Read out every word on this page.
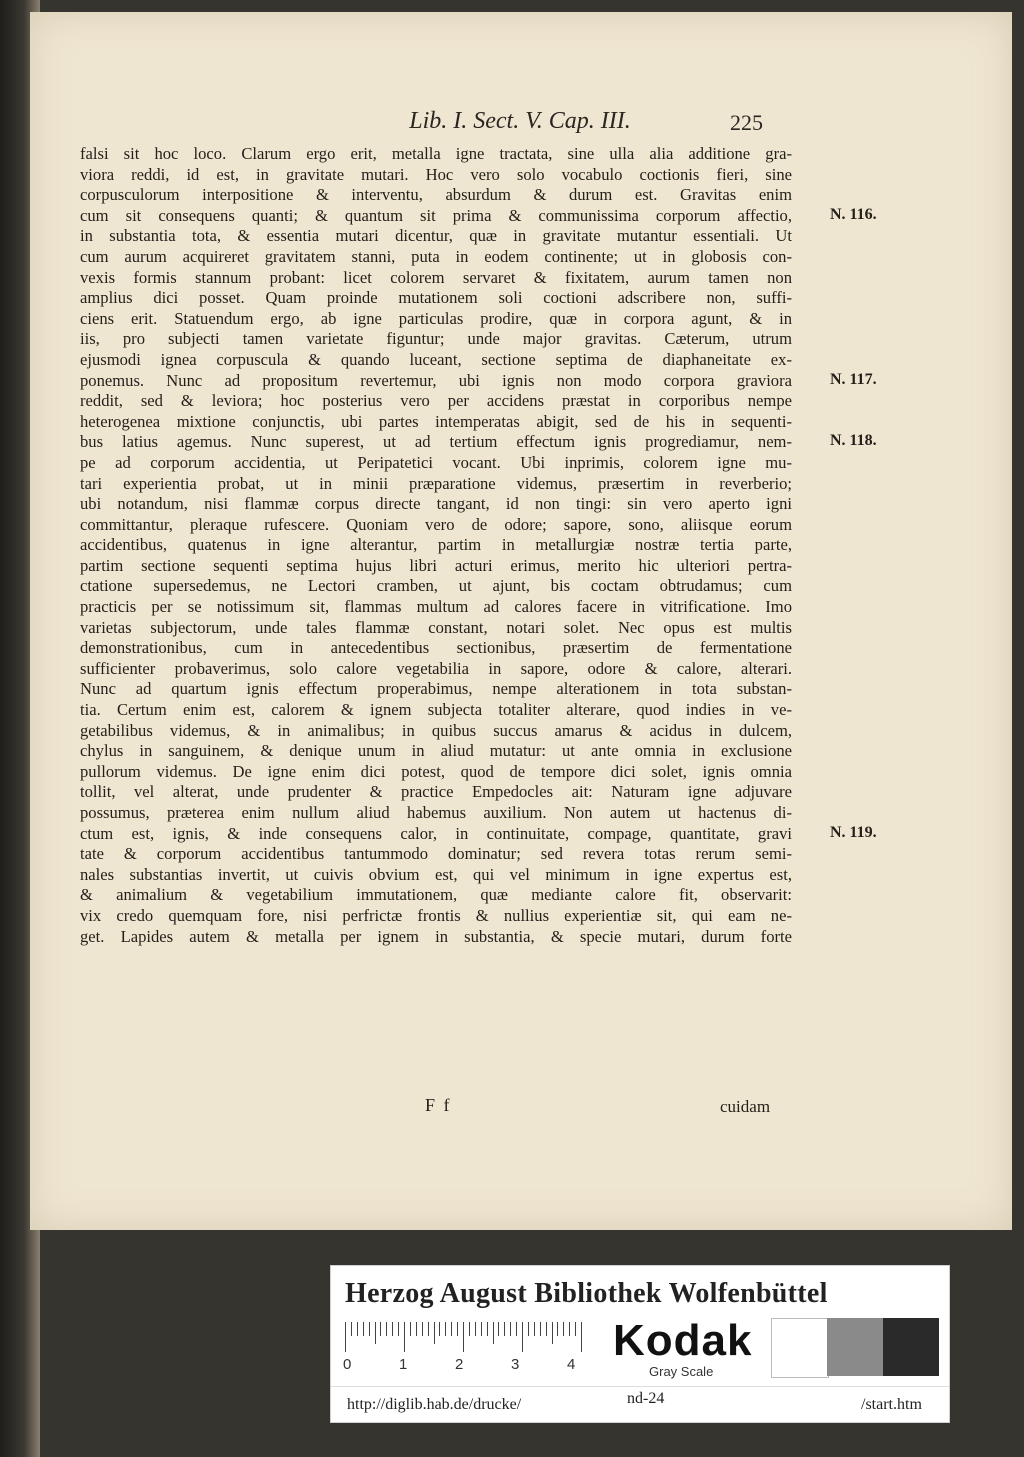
Lib. I. Sect. V. Cap. III.	225
N. 116.
N. 117.
N. 118.
N. 119.
falsi sit hoc loco. Clarum ergo erit, metalla igne tractata, sine ulla alia additione gra-
viora reddi, id est, in gravitate mutari. Hoc vero solo vocabulo coctionis fieri, sine
corpusculorum interpositione & interventu, absurdum & durum est. Gravitas enim
cum sit consequens quanti; & quantum sit prima & communissima corporum affectio,
in substantia tota, & essentia mutari dicentur, quæ in gravitate mutantur essentiali. Ut
cum aurum acquireret gravitatem stanni, puta in eodem continente; ut in globosis con-
vexis formis stannum probant: licet colorem servaret & fixitatem, aurum tamen non
amplius dici posset. Quam proinde mutationem soli coctioni adscribere non, suffi-
ciens erit. Statuendum ergo, ab igne particulas prodire, quæ in corpora agunt, & in
iis, pro subjecti tamen varietate figuntur; unde major gravitas. Cæterum, utrum
ejusmodi ignea corpuscula & quando luceant, sectione septima de diaphaneitate ex-
ponemus. Nunc ad propositum revertemur, ubi ignis non modo corpora graviora
reddit, sed & leviora; hoc posterius vero per accidens præstat in corporibus nempe
heterogenea mixtione conjunctis, ubi partes intemperatas abigit, sed de his in sequenti-
bus latius agemus. Nunc superest, ut ad tertium effectum ignis progrediamur, nem-
pe ad corporum accidentia, ut Peripatetici vocant. Ubi inprimis, colorem igne mu-
tari experientia probat, ut in minii præparatione videmus, præsertim in reverberio;
ubi notandum, nisi flammæ corpus directe tangant, id non tingi: sin vero aperto igni
committantur, pleraque rufescere. Quoniam vero de odore; sapore, sono, aliisque eorum
accidentibus, quatenus in igne alterantur, partim in metallurgiæ nostræ tertia parte,
partim sectione sequenti septima hujus libri acturi erimus, merito hic ulteriori pertra-
ctatione supersedemus, ne Lectori cramben, ut ajunt, bis coctam obtrudamus; cum
practicis per se notissimum sit, flammas multum ad calores facere in vitrificatione. Imo
varietas subjectorum, unde tales flammæ constant, notari solet. Nec opus est multis
demonstrationibus, cum in antecedentibus sectionibus, præsertim de fermentatione
sufficienter probaverimus, solo calore vegetabilia in sapore, odore & calore, alterari.
Nunc ad quartum ignis effectum properabimus, nempe alterationem in tota substan-
tia. Certum enim est, calorem & ignem subjecta totaliter alterare, quod indies in ve-
getabilibus videmus, & in animalibus; in quibus succus amarus & acidus in dulcem,
chylus in sanguinem, & denique unum in aliud mutatur: ut ante omnia in exclusione
pullorum videmus. De igne enim dici potest, quod de tempore dici solet, ignis omnia
tollit, vel alterat, unde prudenter & practice Empedocles ait: Naturam igne adjuvare
possumus, præterea enim nullum aliud habemus auxilium. Non autem ut hactenus di-
ctum est, ignis, & inde consequens calor, in continuitate, compage, quantitate, gravi
tate & corporum accidentibus tantummodo dominatur; sed revera totas rerum semi-
nales substantias invertit, ut cuivis obvium est, qui vel minimum in igne expertus est,
& animalium & vegetabilium immutationem, quæ mediante calore fit, observarit:
vix credo quemquam fore, nisi perfrictæ frontis & nullius experientiæ sit, qui eam ne-
get. Lapides autem & metalla per ignem in substantia, & specie mutari, durum forte
F f	cuidam
Herzog August Bibliothek Wolfenbüttel
0	1	2	3	4 Kodak
Gray Scale
http://diglib.hab.de/drucke/	nd-24	/start.htm
